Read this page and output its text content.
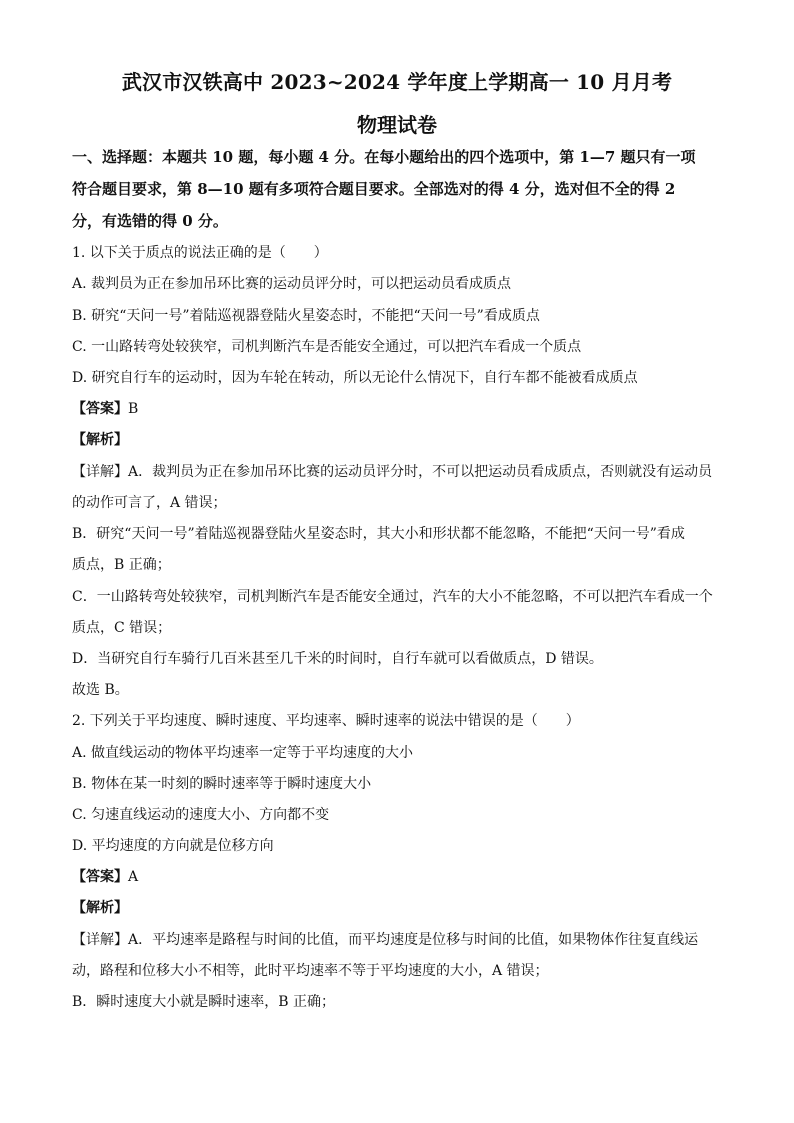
武汉市汉铁高中 2023~2024 学年度上学期高一 10 月月考
物理试卷
一、选择题：本题共 10 题，每小题 4 分。在每小题给出的四个选项中，第 1—7 题只有一项
符合题目要求，第 8—10 题有多项符合题目要求。全部选对的得 4 分，选对但不全的得 2
分，有选错的得 0 分。
1. 以下关于质点的说法正确的是（　　）
A. 裁判员为正在参加吊环比赛的运动员评分时，可以把运动员看成质点
B. 研究“天问一号”着陆巡视器登陆火星姿态时，不能把“天问一号”看成质点
C. 一山路转弯处较狭窄，司机判断汽车是否能安全通过，可以把汽车看成一个质点
D. 研究自行车的运动时，因为车轮在转动，所以无论什么情况下，自行车都不能被看成质点
【答案】B
【解析】
【详解】A．裁判员为正在参加吊环比赛的运动员评分时，不可以把运动员看成质点，否则就没有运动员
的动作可言了，A 错误；
B．研究“天问一号”着陆巡视器登陆火星姿态时，其大小和形状都不能忽略，不能把“天问一号”看成
质点，B 正确；
C．一山路转弯处较狭窄，司机判断汽车是否能安全通过，汽车的大小不能忽略，不可以把汽车看成一个
质点，C 错误；
D．当研究自行车骑行几百米甚至几千米的时间时，自行车就可以看做质点，D 错误。
故选 B。
2. 下列关于平均速度、瞬时速度、平均速率、瞬时速率的说法中错误的是（　　）
A. 做直线运动的物体平均速率一定等于平均速度的大小
B. 物体在某一时刻的瞬时速率等于瞬时速度大小
C. 匀速直线运动的速度大小、方向都不变
D. 平均速度的方向就是位移方向
【答案】A
【解析】
【详解】A．平均速率是路程与时间的比值，而平均速度是位移与时间的比值，如果物体作往复直线运
动，路程和位移大小不相等，此时平均速率不等于平均速度的大小，A 错误；
B．瞬时速度大小就是瞬时速率，B 正确；
